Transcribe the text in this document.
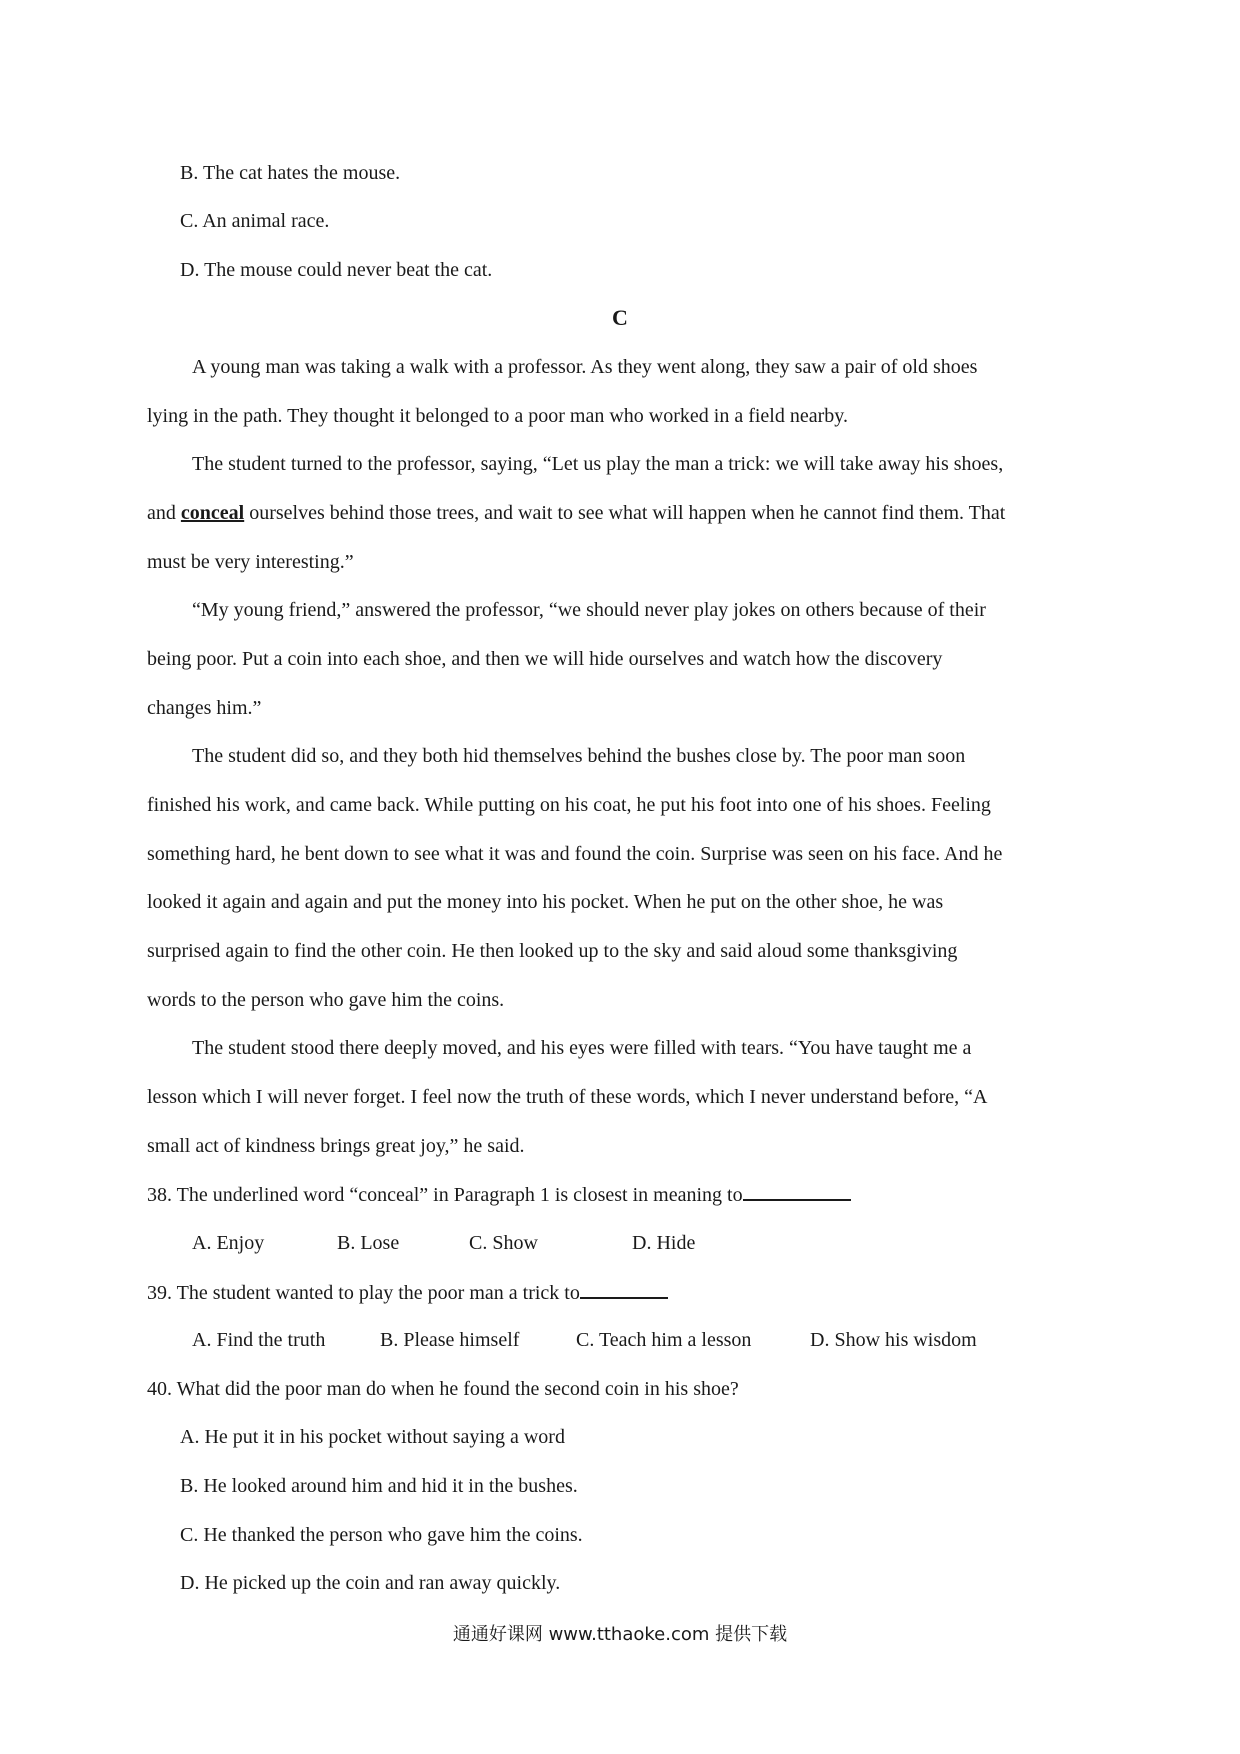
B. The cat hates the mouse.
C. An animal race.
D. The mouse could never beat the cat.
C
A young man was taking a walk with a professor. As they went along, they saw a pair of old shoes
lying in the path. They thought it belonged to a poor man who worked in a field nearby.
The student turned to the professor, saying, “Let us play the man a trick: we will take away his shoes,
and conceal ourselves behind those trees, and wait to see what will happen when he cannot find them. That
must be very interesting.”
“My young friend,” answered the professor, “we should never play jokes on others because of their
being poor. Put a coin into each shoe, and then we will hide ourselves and watch how the discovery
changes him.”
The student did so, and they both hid themselves behind the bushes close by. The poor man soon
finished his work, and came back. While putting on his coat, he put his foot into one of his shoes. Feeling
something hard, he bent down to see what it was and found the coin. Surprise was seen on his face. And he
looked it again and again and put the money into his pocket. When he put on the other shoe, he was
surprised again to find the other coin. He then looked up to the sky and said aloud some thanksgiving
words to the person who gave him the coins.
The student stood there deeply moved, and his eyes were filled with tears. “You have taught me a
lesson which I will never forget. I feel now the truth of these words, which I never understand before, “A
small act of kindness brings great joy,” he said.
38. The underlined word “conceal” in Paragraph 1 is closest in meaning to
A. Enjoy	B. Lose	C. Show	D. Hide
39. The student wanted to play the poor man a trick to
A. Find the truth	B. Please himself	C. Teach him a lesson	D. Show his wisdom
40. What did the poor man do when he found the second coin in his shoe?
A. He put it in his pocket without saying a word
B. He looked around him and hid it in the bushes.
C. He thanked the person who gave him the coins.
D. He picked up the coin and ran away quickly.
通通好课网 www.tthaoke.com 提供下载
